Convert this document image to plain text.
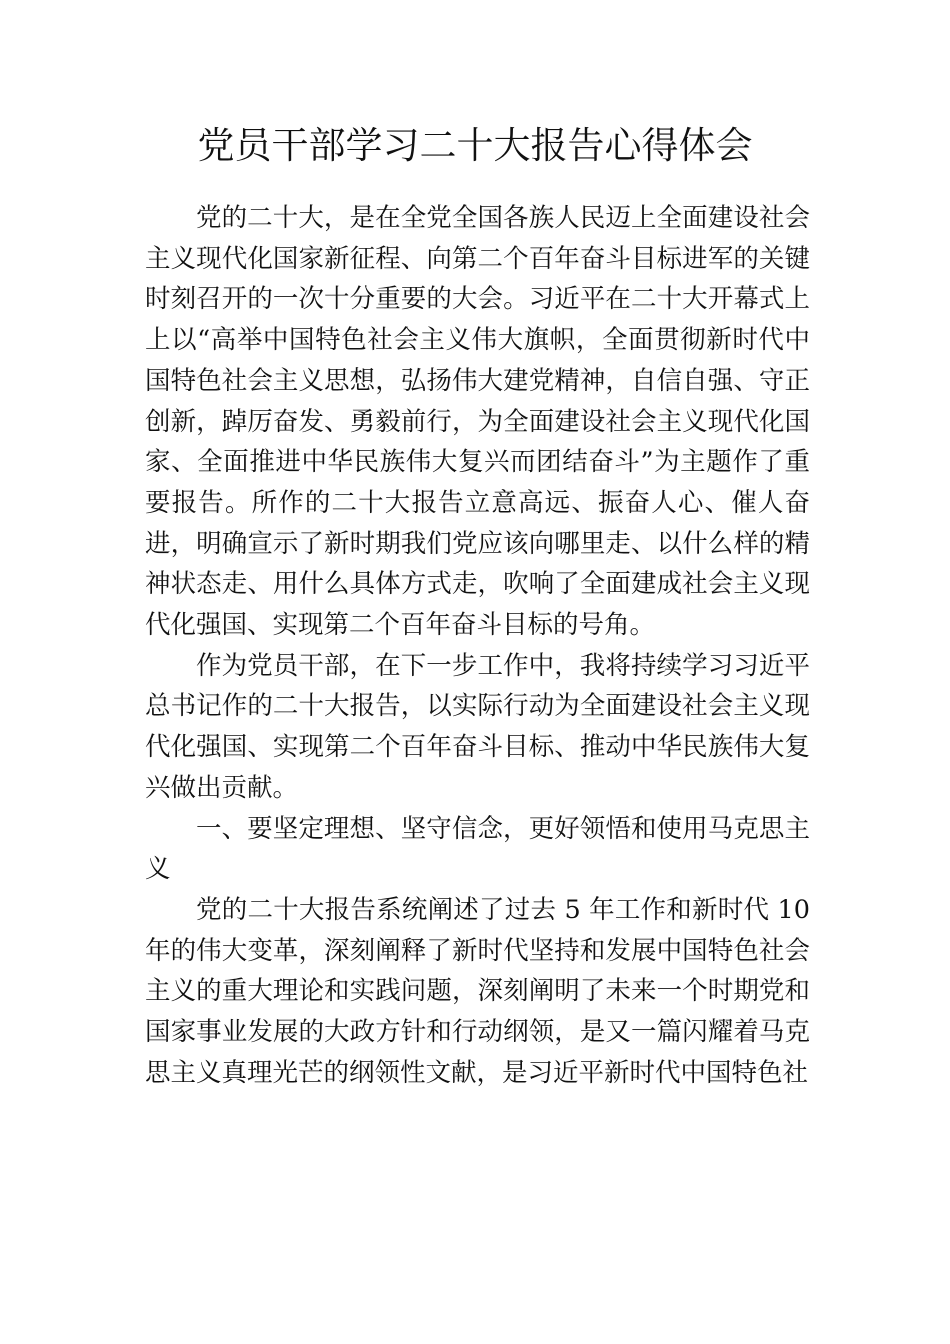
党员干部学习二十大报告心得体会

党的二十大，是在全党全国各族人民迈上全面建设社会主义现代化国家新征程、向第二个百年奋斗目标进军的关键时刻召开的一次十分重要的大会。习近平在二十大开幕式上上以“高举中国特色社会主义伟大旗帜，全面贯彻新时代中国特色社会主义思想，弘扬伟大建党精神，自信自强、守正创新，踔厉奋发、勇毅前行，为全面建设社会主义现代化国家、全面推进中华民族伟大复兴而团结奋斗”为主题作了重要报告。所作的二十大报告立意高远、振奋人心、催人奋进，明确宣示了新时期我们党应该向哪里走、以什么样的精神状态走、用什么具体方式走，吹响了全面建成社会主义现代化强国、实现第二个百年奋斗目标的号角。

作为党员干部，在下一步工作中，我将持续学习习近平总书记作的二十大报告，以实际行动为全面建设社会主义现代化强国、实现第二个百年奋斗目标、推动中华民族伟大复兴做出贡献。

一、要坚定理想、坚守信念，更好领悟和使用马克思主义

党的二十大报告系统阐述了过去 5 年工作和新时代 10 年的伟大变革，深刻阐释了新时代坚持和发展中国特色社会主义的重大理论和实践问题，深刻阐明了未来一个时期党和国家事业发展的大政方针和行动纲领，是又一篇闪耀着马克思主义真理光芒的纲领性文献，是习近平新时代中国特色社
